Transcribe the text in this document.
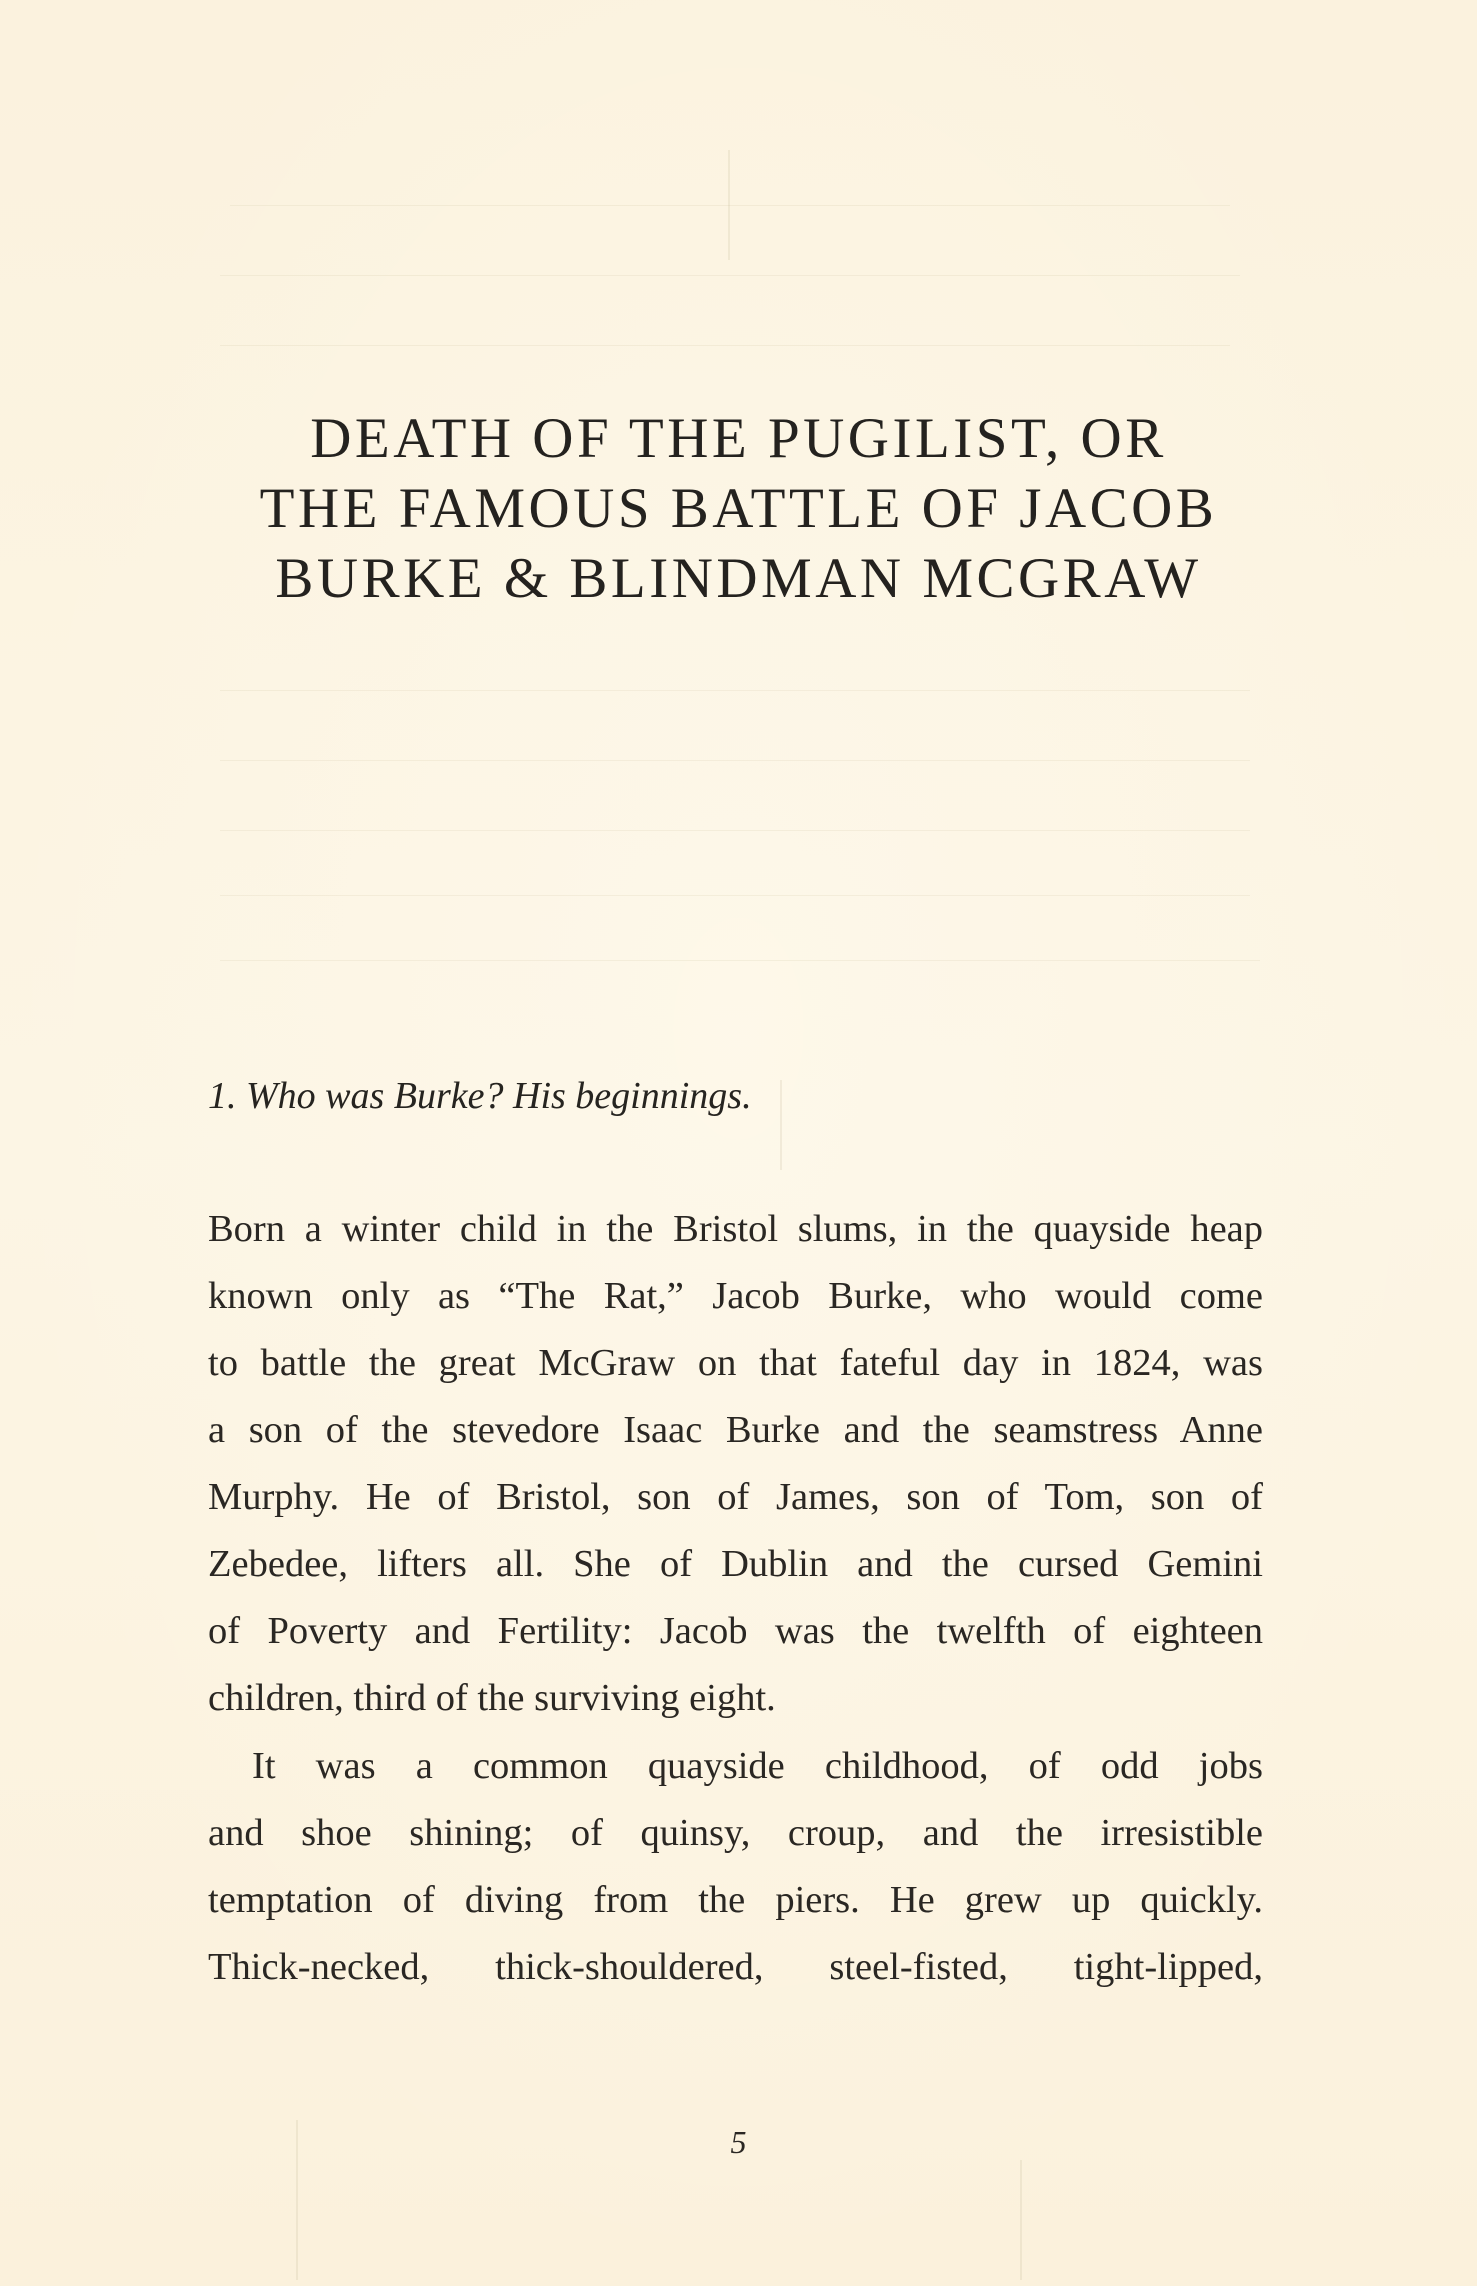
DEATH OF THE PUGILIST, OR
THE FAMOUS BATTLE OF JACOB
BURKE & BLINDMAN MCGRAW
1. Who was Burke? His beginnings.
Born a winter child in the Bristol slums, in the quayside heap
known only as “The Rat,” Jacob Burke, who would come
to battle the great McGraw on that fateful day in 1824, was
a son of the stevedore Isaac Burke and the seamstress Anne
Murphy. He of Bristol, son of James, son of Tom, son of
Zebedee, lifters all. She of Dublin and the cursed Gemini
of Poverty and Fertility: Jacob was the twelfth of eighteen
children, third of the surviving eight.
It was a common quayside childhood, of odd jobs
and shoe shining; of quinsy, croup, and the irresistible
temptation of diving from the piers. He grew up quickly.
Thick-necked, thick-shouldered, steel-fisted, tight-lipped,
5
